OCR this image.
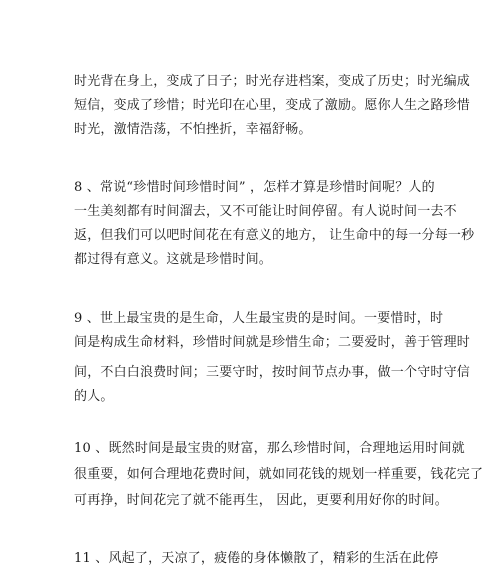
时光背在身上，变成了日子；时光存进档案，变成了历史；时光编成
短信，变成了珍惜；时光印在心里，变成了激励。愿你人生之路珍惜
时光，激情浩荡，不怕挫折，幸福舒畅。
8 、常说“珍惜时间珍惜时间” ，怎样才算是珍惜时间呢？人的
一生美刻都有时间溜去，又不可能让时间停留。有人说时间一去不
返，但我们可以吧时间花在有意义的地方， 让生命中的每一分每一秒
都过得有意义。这就是珍惜时间。
9 、世上最宝贵的是生命，人生最宝贵的是时间。一要惜时，时
间是构成生命材料，珍惜时间就是珍惜生命；二要爱时，善于管理时
间，不白白浪费时间；三要守时，按时间节点办事，做一个守时守信
的人。
10 、既然时间是最宝贵的财富，那么珍惜时间，合理地运用时间就
很重要，如何合理地花费时间，就如同花钱的规划一样重要，钱花完了
可再挣，时间花完了就不能再生， 因此，更要利用好你的时间。
11 、风起了，天凉了，疲倦的身体懒散了，精彩的生活在此停
